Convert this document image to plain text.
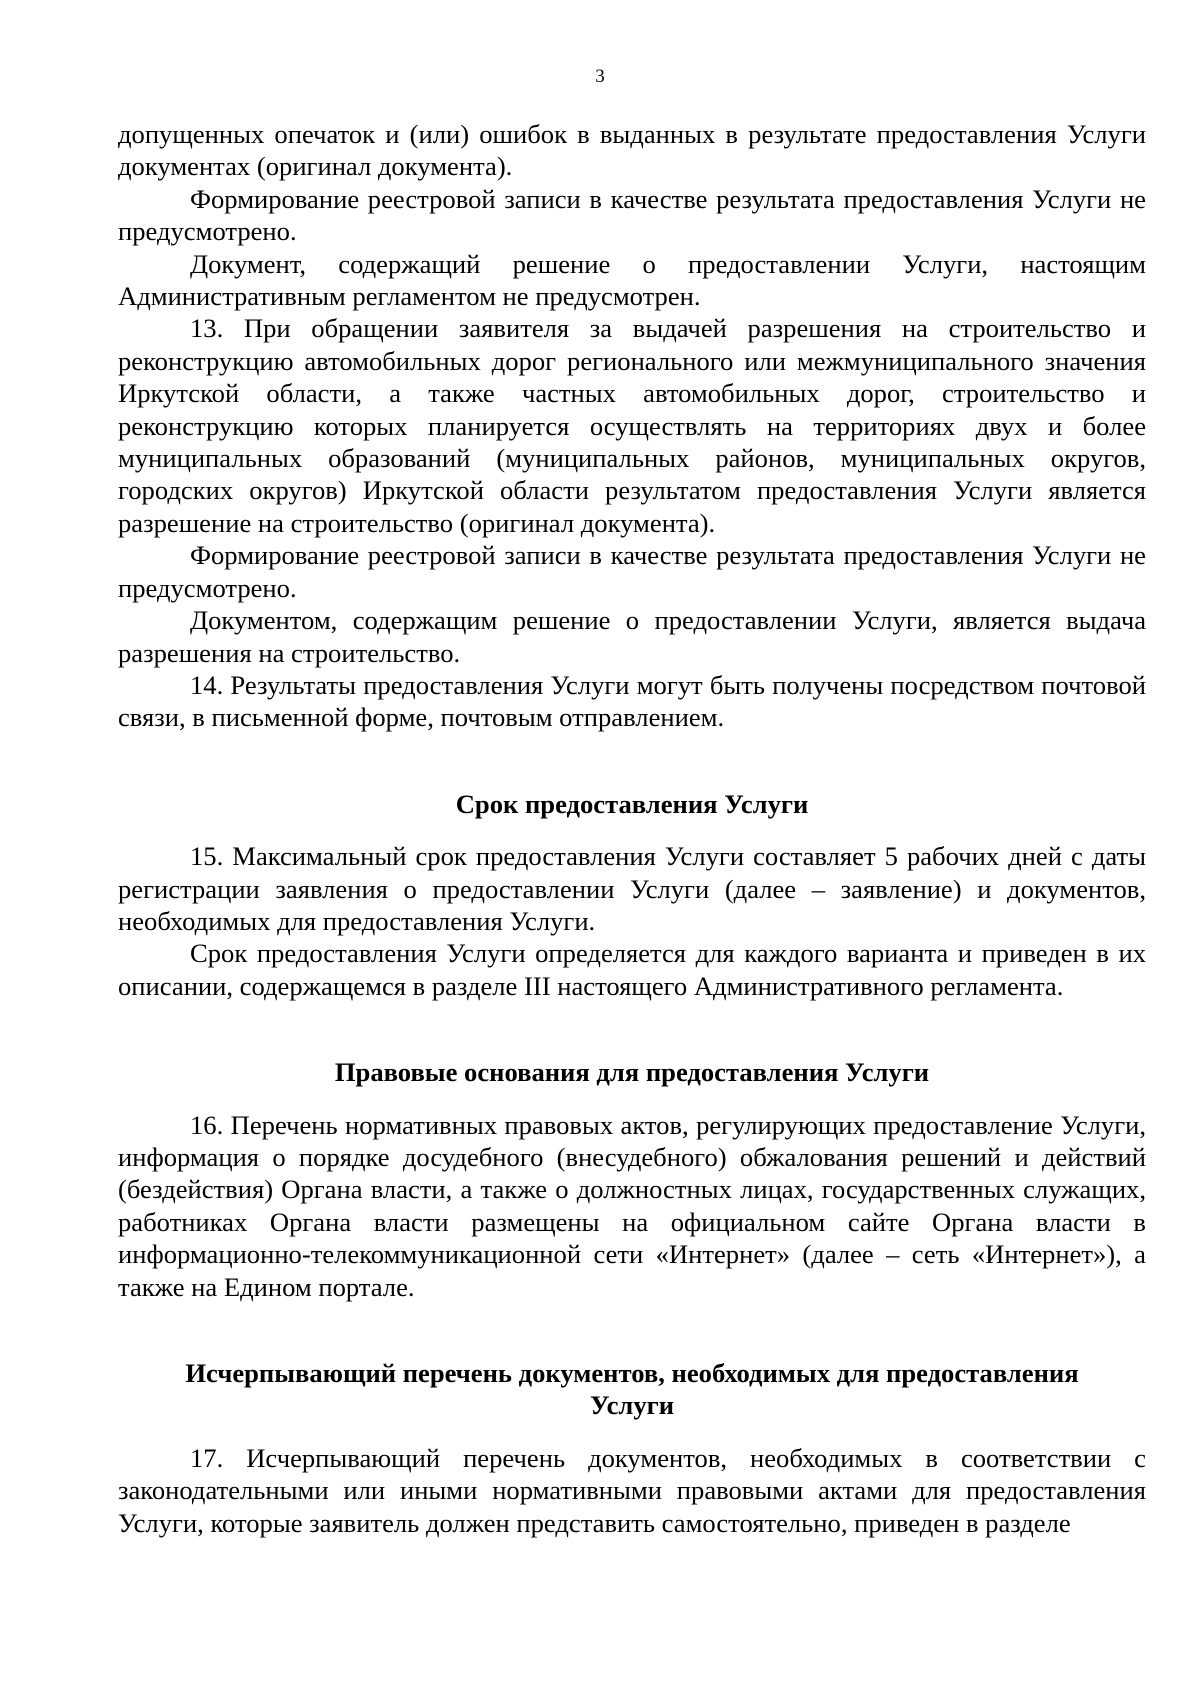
3

допущенных опечаток и (или) ошибок в выданных в результате предоставления Услуги документах (оригинал документа).

Формирование реестровой записи в качестве результата предоставления Услуги не предусмотрено.

Документ, содержащий решение о предоставлении Услуги, настоящим Административным регламентом не предусмотрен.

13. При обращении заявителя за выдачей разрешения на строительство и реконструкцию автомобильных дорог регионального или межмуниципального значения Иркутской области, а также частных автомобильных дорог, строительство и реконструкцию которых планируется осуществлять на территориях двух и более муниципальных образований (муниципальных районов, муниципальных округов, городских округов) Иркутской области результатом предоставления Услуги является разрешение на строительство (оригинал документа).

Формирование реестровой записи в качестве результата предоставления Услуги не предусмотрено.

Документом, содержащим решение о предоставлении Услуги, является выдача разрешения на строительство.

14. Результаты предоставления Услуги могут быть получены посредством почтовой связи, в письменной форме, почтовым отправлением.

Срок предоставления Услуги

15. Максимальный срок предоставления Услуги составляет 5 рабочих дней с даты регистрации заявления о предоставлении Услуги (далее – заявление) и документов, необходимых для предоставления Услуги.

Срок предоставления Услуги определяется для каждого варианта и приведен в их описании, содержащемся в разделе III настоящего Административного регламента.

Правовые основания для предоставления Услуги

16. Перечень нормативных правовых актов, регулирующих предоставление Услуги, информация о порядке досудебного (внесудебного) обжалования решений и действий (бездействия) Органа власти, а также о должностных лицах, государственных служащих, работниках Органа власти размещены на официальном сайте Органа власти в информационно-телекоммуникационной сети «Интернет» (далее – сеть «Интернет»), а также на Едином портале.

Исчерпывающий перечень документов, необходимых для предоставления
Услуги

17. Исчерпывающий перечень документов, необходимых в соответствии с законодательными или иными нормативными правовыми актами для предоставления Услуги, которые заявитель должен представить самостоятельно, приведен в разделе
